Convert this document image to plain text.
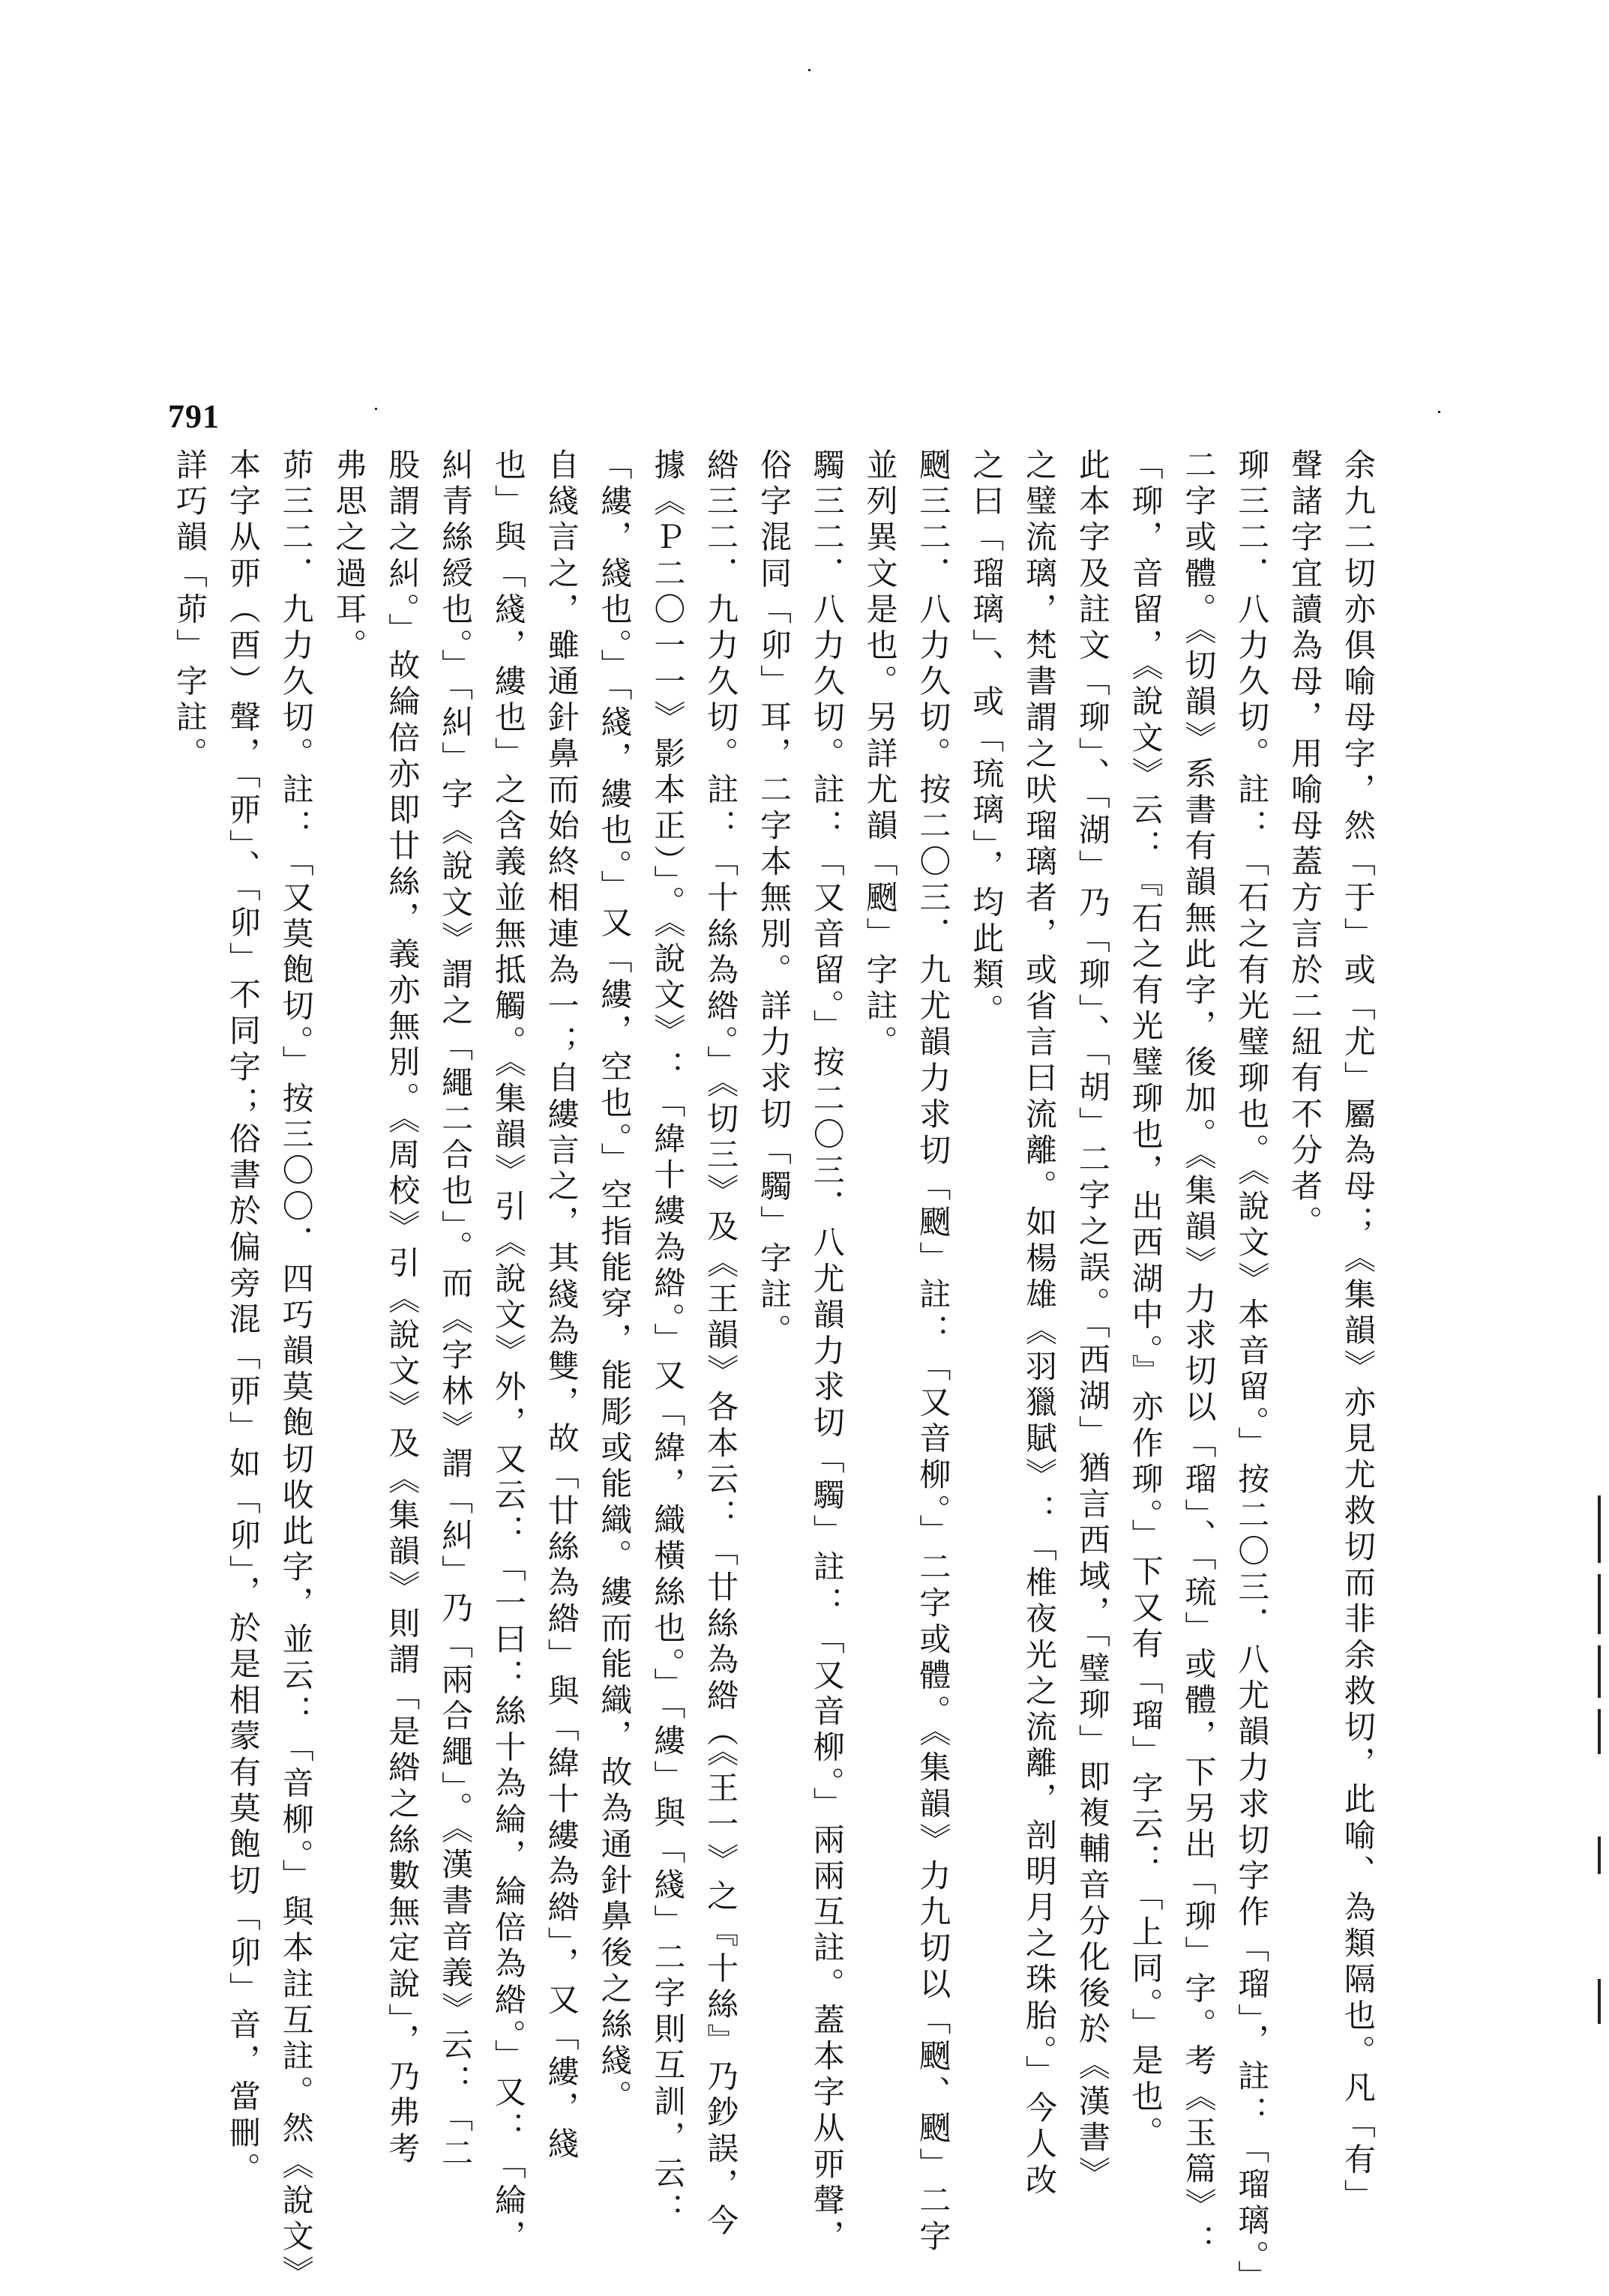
791

余九二切亦俱喻母字，然「于」或「尤」屬為母；《集韻》亦見尤救切而非余救切，此喻、為類隔也。凡「有」

聲諸字宜讀為母，用喻母蓋方言於二紐有不分者。

珋三二．八力久切。註：「石之有光璧珋也。《說文》本音留。」按二〇三．八尤韻力求切字作「瑠」，註：「瑠璃。」

二字或體。《切韻》系書有韻無此字，後加。《集韻》力求切以「瑠」、「琉」或體，下另出「珋」字。考《玉篇》：

「珋，音留，《說文》云：『石之有光璧珋也，出西湖中。』亦作珋。」下又有「瑠」字云：「上同。」是也。

此本字及註文「珋」、「湖」乃「珋」、「胡」二字之誤。「西湖」猶言西域，「璧珋」即複輔音分化後於《漢書》

之璧流璃，梵書謂之吠瑠璃者，或省言曰流離。如楊雄《羽獵賦》：「椎夜光之流離，剖明月之珠胎。」今人改

之曰「瑠璃」、或「琉璃」，均此類。

颲三二．八力久切。按二〇三．九尤韻力求切「颲」註：「又音柳。」二字或體。《集韻》力九切以「颲、颲」二字

並列異文是也。另詳尤韻「颲」字註。

䮷三二．八力久切。註：「又音留。」按二〇三．八尤韻力求切「䮷」註：「又音柳。」兩兩互註。蓋本字从丣聲，

俗字混同「卯」耳，二字本無別。詳力求切「䮷」字註。

綹三二．九力久切。註：「十絲為綹。」《切三》及《王韻》各本云：「廿絲為綹（《王一》之『十絲』乃鈔誤，今

據《Ｐ二〇一一》影本正）」。《說文》：「緯十縷為綹。」又「緯，織橫絲也。」「縷」與「綫」二字則互訓，云：

「縷，綫也。」「綫，縷也。」又「縷，空也。」空指能穿，能彫或能織。縷而能織，故為通針鼻後之絲綫。

自綫言之，雖通針鼻而始終相連為一；自縷言之，其綫為雙，故「廿絲為綹」與「緯十縷為綹」，又「縷，綫

也」與「綫，縷也」之含義並無抵觸。《集韻》引《說文》外，又云：「一曰：絲十為綸，綸倍為綹。」又：「綸，

糾青絲綬也。」「糾」字《說文》謂之「繩二合也」。而《字林》謂「糾」乃「兩合繩」。《漢書音義》云：「二

股謂之糾。」故綸倍亦即廿絲，義亦無別。《周校》引《說文》及《集韻》則謂「是綹之絲數無定說」，乃弗考

弗思之過耳。

茆三二．九力久切。註：「又莫飽切。」按三〇〇．四巧韻莫飽切收此字，並云：「音柳。」與本註互註。然《說文》

本字从丣（酉）聲，「丣」、「卯」不同字；俗書於偏旁混「丣」如「卯」，於是相蒙有莫飽切「卯」音，當刪。

詳巧韻「茆」字註。
